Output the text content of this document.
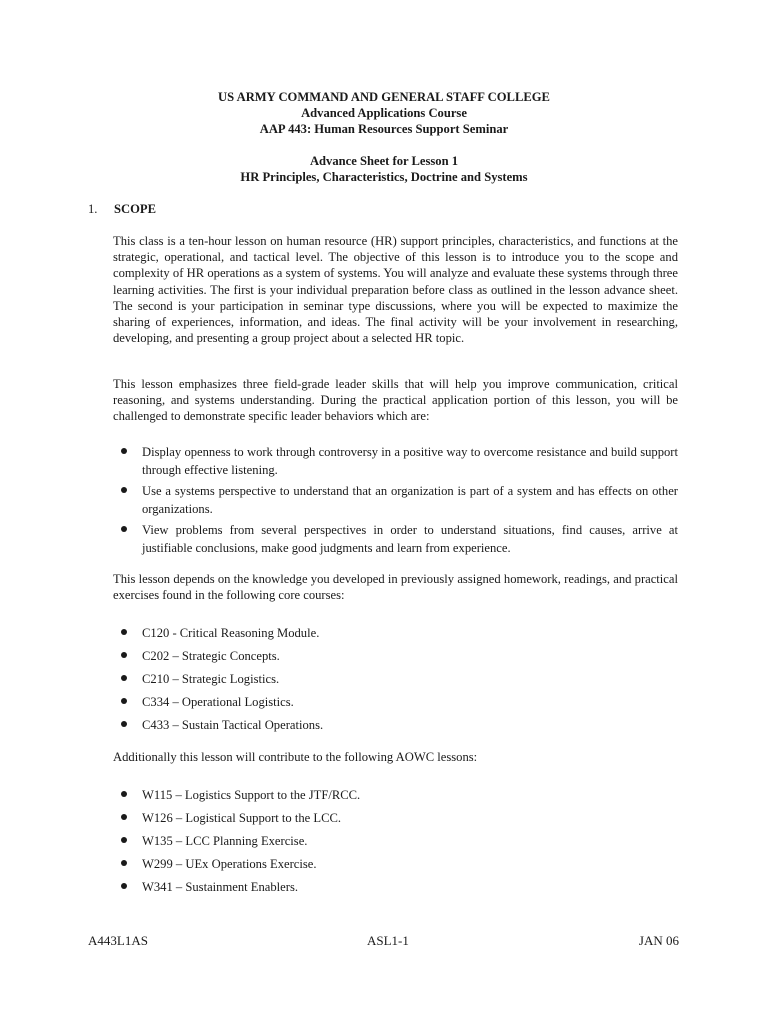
US ARMY COMMAND AND GENERAL STAFF COLLEGE
Advanced Applications Course
AAP 443: Human Resources Support Seminar
Advance Sheet for Lesson 1
HR Principles, Characteristics, Doctrine and Systems
1. SCOPE
This class is a ten-hour lesson on human resource (HR) support principles, characteristics, and functions at the strategic, operational, and tactical level. The objective of this lesson is to introduce you to the scope and complexity of HR operations as a system of systems. You will analyze and evaluate these systems through three learning activities. The first is your individual preparation before class as outlined in the lesson advance sheet. The second is your participation in seminar type discussions, where you will be expected to maximize the sharing of experiences, information, and ideas. The final activity will be your involvement in researching, developing, and presenting a group project about a selected HR topic.
This lesson emphasizes three field-grade leader skills that will help you improve communication, critical reasoning, and systems understanding. During the practical application portion of this lesson, you will be challenged to demonstrate specific leader behaviors which are:
Display openness to work through controversy in a positive way to overcome resistance and build support through effective listening.
Use a systems perspective to understand that an organization is part of a system and has effects on other organizations.
View problems from several perspectives in order to understand situations, find causes, arrive at justifiable conclusions, make good judgments and learn from experience.
This lesson depends on the knowledge you developed in previously assigned homework, readings, and practical exercises found in the following core courses:
C120 - Critical Reasoning Module.
C202 – Strategic Concepts.
C210 – Strategic Logistics.
C334 – Operational Logistics.
C433 – Sustain Tactical Operations.
Additionally this lesson will contribute to the following AOWC lessons:
W115 – Logistics Support to the JTF/RCC.
W126 – Logistical Support to the LCC.
W135 – LCC Planning Exercise.
W299 – UEx Operations Exercise.
W341 – Sustainment Enablers.
A443L1AS	ASL1-1	JAN 06
